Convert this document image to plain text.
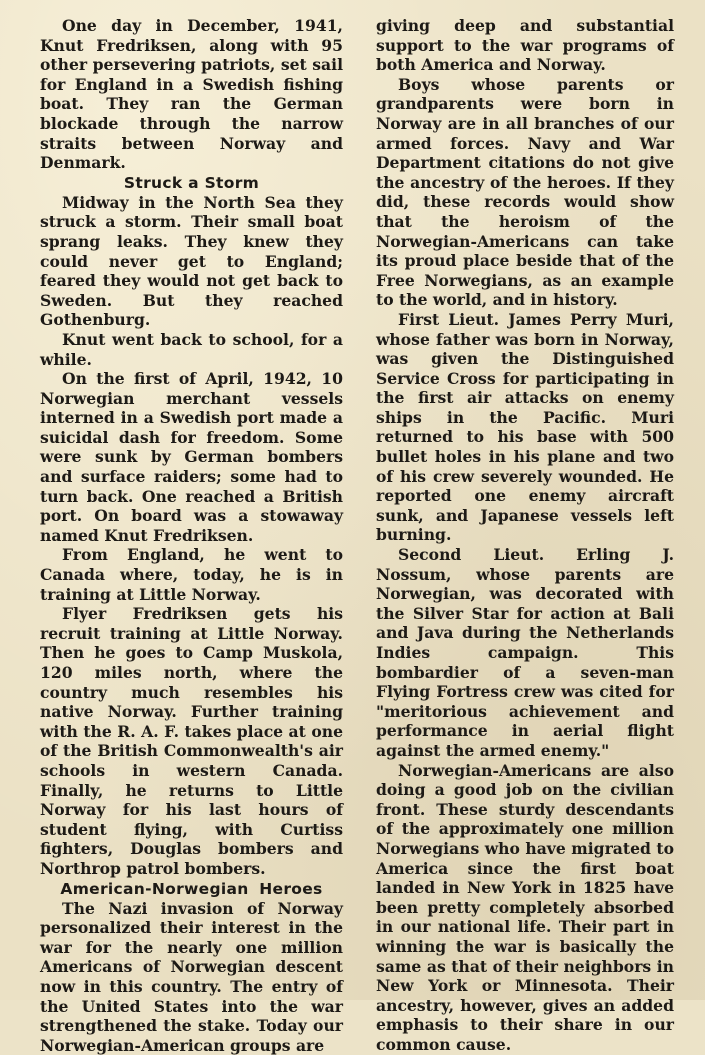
One day in December, 1941, Knut Fredriksen, along with 95 other persevering patriots, set sail for England in a Swedish fishing boat. They ran the German blockade through the narrow straits between Norway and Denmark.

Struck a Storm

Midway in the North Sea they struck a storm. Their small boat sprang leaks. They knew they could never get to England; feared they would not get back to Sweden. But they reached Gothenburg.

Knut went back to school, for a while.

On the first of April, 1942, 10 Norwegian merchant vessels interned in a Swedish port made a suicidal dash for freedom. Some were sunk by German bombers and surface raiders; some had to turn back. One reached a British port. On board was a stowaway named Knut Fredriksen.

From England, he went to Canada where, today, he is in training at Little Norway.

Flyer Fredriksen gets his recruit training at Little Norway. Then he goes to Camp Muskola, 120 miles north, where the country much resembles his native Norway. Further training with the R. A. F. takes place at one of the British Commonwealth's air schools in western Canada. Finally, he returns to Little Norway for his last hours of student flying, with Curtiss fighters, Douglas bombers and Northrop patrol bombers.

American-Norwegian Heroes

The Nazi invasion of Norway personalized their interest in the war for the nearly one million Americans of Norwegian descent now in this country. The entry of the United States into the war strengthened the stake. Today our Norwegian-American groups are

giving deep and substantial support to the war programs of both America and Norway.

Boys whose parents or grandparents were born in Norway are in all branches of our armed forces. Navy and War Department citations do not give the ancestry of the heroes. If they did, these records would show that the heroism of the Norwegian-Americans can take its proud place beside that of the Free Norwegians, as an example to the world, and in history.

First Lieut. James Perry Muri, whose father was born in Norway, was given the Distinguished Service Cross for participating in the first air attacks on enemy ships in the Pacific. Muri returned to his base with 500 bullet holes in his plane and two of his crew severely wounded. He reported one enemy aircraft sunk, and Japanese vessels left burning.

Second Lieut. Erling J. Nossum, whose parents are Norwegian, was decorated with the Silver Star for action at Bali and Java during the Netherlands Indies campaign. This bombardier of a seven-man Flying Fortress crew was cited for "meritorious achievement and performance in aerial flight against the armed enemy."

Norwegian-Americans are also doing a good job on the civilian front. These sturdy descendants of the approximately one million Norwegians who have migrated to America since the first boat landed in New York in 1825 have been pretty completely absorbed in our national life. Their part in winning the war is basically the same as that of their neighbors in New York or Minnesota. Their ancestry, however, gives an added emphasis to their share in our common cause.
